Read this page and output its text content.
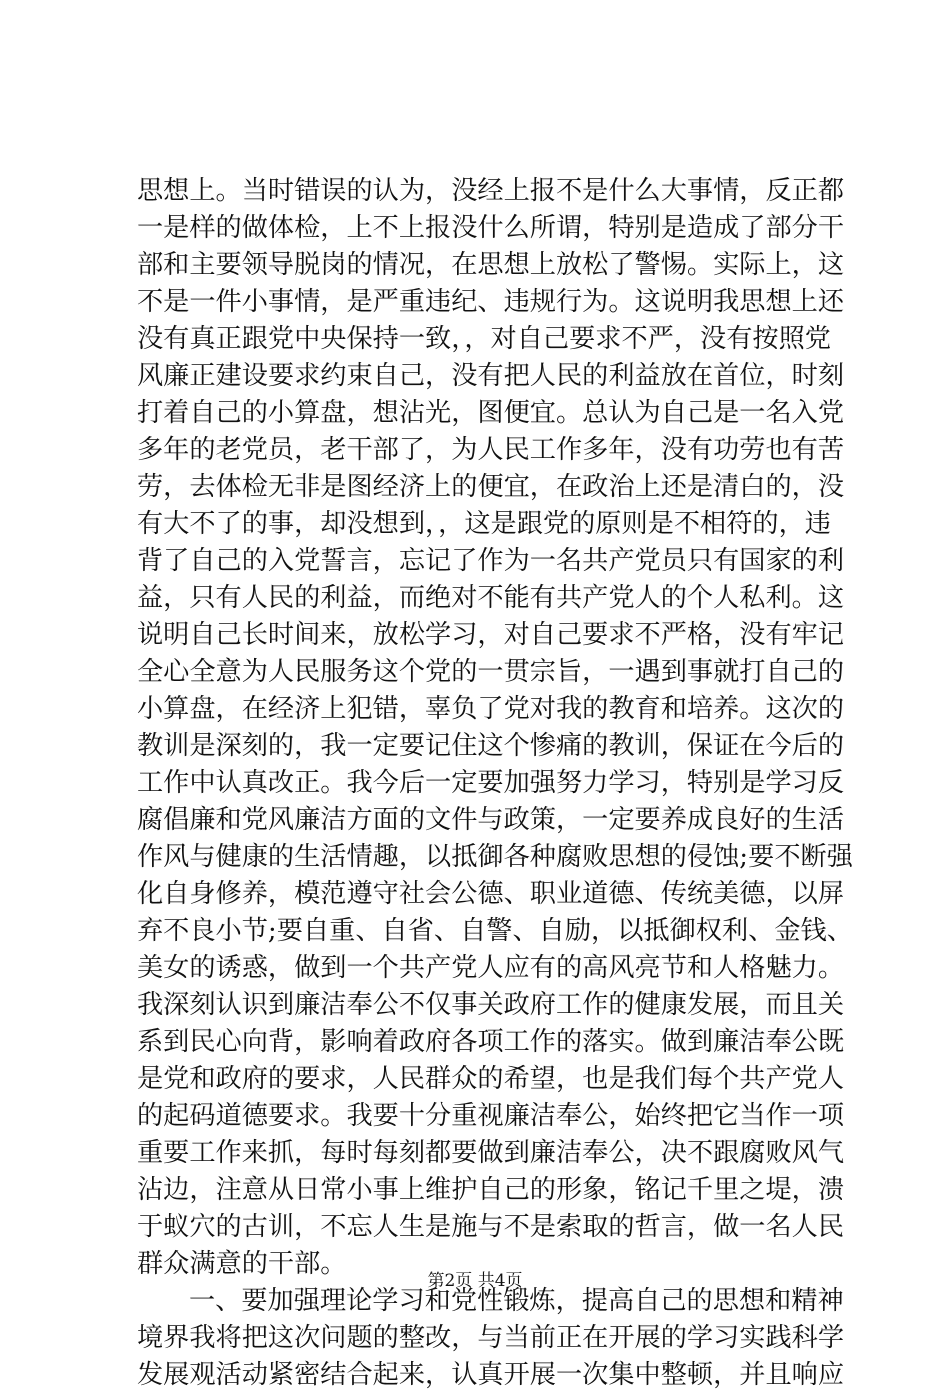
思想上。当时错误的认为，没经上报不是什么大事情，反正都
一是样的做体检，上不上报没什么所谓，特别是造成了部分干
部和主要领导脱岗的情况，在思想上放松了警惕。实际上，这
不是一件小事情，是严重违纪、违规行为。这说明我思想上还
没有真正跟党中央保持一致，，对自己要求不严，没有按照党
风廉正建设要求约束自己，没有把人民的利益放在首位，时刻
打着自己的小算盘，想沾光，图便宜。总认为自己是一名入党
多年的老党员，老干部了，为人民工作多年，没有功劳也有苦
劳，去体检无非是图经济上的便宜，在政治上还是清白的，没
有大不了的事，却没想到，，这是跟党的原则是不相符的，违
背了自己的入党誓言，忘记了作为一名共产党员只有国家的利
益，只有人民的利益，而绝对不能有共产党人的个人私利。这
说明自己长时间来，放松学习，对自己要求不严格，没有牢记
全心全意为人民服务这个党的一贯宗旨，一遇到事就打自己的
小算盘，在经济上犯错，辜负了党对我的教育和培养。这次的
教训是深刻的，我一定要记住这个惨痛的教训，保证在今后的
工作中认真改正。我今后一定要加强努力学习，特别是学习反
腐倡廉和党风廉洁方面的文件与政策，一定要养成良好的生活
作风与健康的生活情趣，以抵御各种腐败思想的侵蚀;要不断强
化自身修养，模范遵守社会公德、职业道德、传统美德，以屏
弃不良小节;要自重、自省、自警、自励，以抵御权利、金钱、
美女的诱惑，做到一个共产党人应有的高风亮节和人格魅力。
我深刻认识到廉洁奉公不仅事关政府工作的健康发展，而且关
系到民心向背，影响着政府各项工作的落实。做到廉洁奉公既
是党和政府的要求，人民群众的希望，也是我们每个共产党人
的起码道德要求。我要十分重视廉洁奉公，始终把它当作一项
重要工作来抓，每时每刻都要做到廉洁奉公，决不跟腐败风气
沾边，注意从日常小事上维护自己的形象，铭记千里之堤，溃
于蚁穴的古训，不忘人生是施与不是索取的哲言，做一名人民
群众满意的干部。
一、要加强理论学习和党性锻炼，提高自己的思想和精神
境界我将把这次问题的整改，与当前正在开展的学习实践科学
发展观活动紧密结合起来，认真开展一次集中整顿，并且响应
第2页 共4页
